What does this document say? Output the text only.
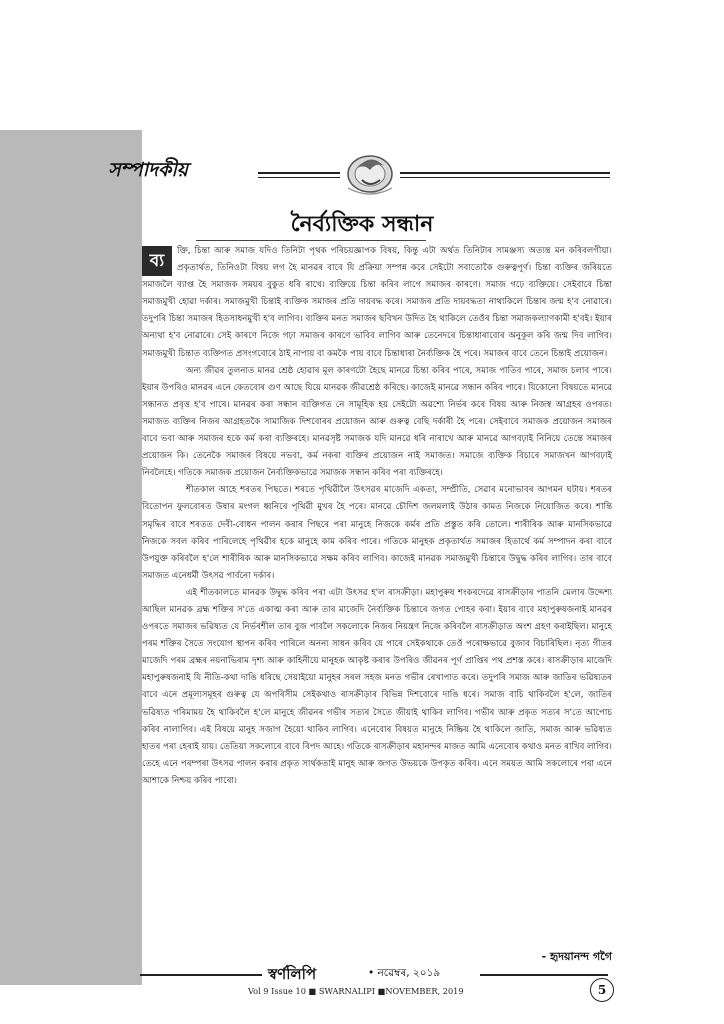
সম্পাদকীয়
নৈৰ্ব্যক্তিক সন্ধান
ব্য	ক্তি, চিন্তা আৰু সমাজ যদিও তিনিটা পৃথক পৰিচয়জ্ঞাপক বিষয়, কিন্তু এটা অৰ্থত তিনিটাৰ সামঞ্জস্য অত্যন্ত মন কৰিবলগীয়া। প্ৰকৃতাৰ্থত, তিনিওটা বিষয় লগ হৈ মানৱৰ বাবে যি প্ৰক্ৰিয়া সম্পন্ন কৰে সেইটো সবাতোকৈ গুৰুত্বপূৰ্ণ। চিন্তা ব্যক্তিৰ জৰিয়তে সমাজলৈ ব্যাপ্ত হৈ সমাজক সময়ৰ বুকুত ধৰি ৰাখে। ব্যক্তিয়ে চিন্তা কৰিব লাগে সমাজৰ কাৰণে। সমাজ গঢ়ে ব্যক্তিয়ে। সেইবাবে চিন্তা সমাজমুখী হোৱা দৰ্কাৰ। সমাজমুখী চিন্তাই ব্যক্তিক সমাজৰ প্ৰতি দায়বদ্ধ কৰে। সমাজৰ প্ৰতি দায়বদ্ধতা নাথাকিলে চিন্তাৰ জন্ম হ'ব নোৱাৰে। তদুপৰি চিন্তা সমাজৰ হিতসাধনমুখী হ'ব লাগিব। ব্যক্তিৰ মনত সমাজৰ ছবিখন উদিত হৈ থাকিলে তেওঁৰ চিন্তা সমাজকল্যাণকামী হ'বই। ইয়াৰ অন্যথা হ'ব নোৱাৰে। সেই কাৰণে নিজে গঢ়া সমাজৰ কাৰণে ভাবিব লাগিব আৰু তেনেদৰে চিন্তাধাৰাবোৰ অনুকূল কৰি জন্ম দিব লাগিব। সমাজমুখী চিন্তাত ব্যক্তিগত প্ৰসংগবোৰে ঠাই নাপায় বা কমকৈ পায় বাবে চিন্তাধাৰা নৈৰ্ব্যক্তিক হৈ পৰে। সমাজৰ বাবে তেনে চিন্তাই প্ৰয়োজন।

অন্য জীৱৰ তুলনাত মানৱ শ্ৰেষ্ঠ হোৱাৰ মূল কাৰণটো হৈছে মানৱে চিন্তা কৰিব পাৰে, সমাজ পাতিব পাৰে, সমাজ চলাব পাৰে। ইয়াৰ উপৰিও মানৱৰ এনে কেতবোৰ গুণ আছে যিয়ে মানৱক জীৱশ্ৰেষ্ঠ কৰিছে। কাজেই মানৱে সন্ধান কৰিব পাৰে। যিকোনো বিষয়তে মানৱে সন্ধানত প্ৰবৃত্ত হ'ব পাৰে। মানৱৰ কৰা সন্ধান ব্যক্তিগত নে সামূহিক হয় সেইটো অৱশ্যে নিৰ্ভৰ কৰে বিষয় আৰু নিজস্ব আগ্ৰহৰ ওপৰত। সমাজত ব্যক্তিৰ নিজৰ আগ্ৰহতকৈ সামাজিক দিশবোৰৰ প্ৰয়োজন আৰু গুৰুত্ব বেছি দৰ্কাৰী হৈ পৰে। সেইবাবে সমাজক প্ৰয়োজন সমাজৰ বাবে ভবা আৰু সমাজৰ হকে কৰ্ম কৰা ব্যক্তিৰহে। মানৱসৃষ্ট সমাজক যদি মানৱে ধৰি নাৰাখে আৰু মানৱে আগবঢ়াই নিনিয়ে তেন্তে সমাজৰ প্ৰয়োজন কি। তেনেকৈ সমাজৰ বিষয়ে নভবা, কৰ্ম নকৰা ব্যক্তিৰ প্ৰয়োজন নাই সমাজত। সমাজে ব্যক্তিক বিচাৰে সমাজখন আগবঢ়াই নিবলৈহে। গতিকে সমাজক প্ৰয়োজন নৈৰ্ব্যক্তিকভাৱে সমাজক সন্ধান কৰিব পৰা ব্যক্তিৰহে।

শীতকাল আহে শৰতৰ পিছতে। শৰতে পৃথিৱীলৈ উৎসৱৰ মাজেদি একতা, সম্প্ৰীতি, সেৱাৰ মনোভাবৰ আগমন ঘটায়। শৰতৰ বিতোপন ফুলবোৰত উষাৰ মংগল ধ্বনিৰে পৃথিৱী মুখৰ হৈ পৰে। মানৱে চৌদিশ জলমলাই উঠাৰ কামত নিজকে নিয়োজিত কৰে। শান্তি সমৃদ্ধিৰ বাবে শৰতত দেবী-বোধন পালন কৰাৰ পিছৰে পৰা মানুহে নিজকে কৰ্মৰ প্ৰতি প্ৰস্তুত কৰি তোলে। শাৰীৰিক আৰু মানসিকভাৱে নিজকে সবল কৰিব পাৰিলেহে পৃথিৱীৰ হকে মানুহে কাম কৰিব পাৰে। গতিকে মানুহক প্ৰকৃতাৰ্থত সমাজৰ হিতাৰ্থে কৰ্ম সম্পাদন কৰা বাবে উপযুক্ত কৰিবলৈ হ'লে শাৰীৰিক আৰু মানসিকভাৱে সক্ষম কৰিব লাগিব। কাজেই মানৱক সমাজমুখী চিন্তাৰে উদ্বুদ্ধ কৰিব লাগিব। তাৰ বাবে সমাজত এনেধৰ্মী উৎসৱ পাৰ্বনো দৰ্কাৰ।

এই শীতকালতে মানৱক উদ্বুদ্ধ কৰিব পৰা এটা উৎসৱ হ'ল ৰাসক্ৰীড়া। মহাপুৰুষ শংকৰদেৱে ৰাসক্ৰীড়াৰ পাতনি মেলাৰ উদ্দেশ্য আছিল মানৱক ব্ৰহ্ম শক্তিৰ স'তে একাত্ম কৰা আৰু তাৰ মাজেদি নৈৰ্ব্যক্তিক চিন্তাৰে জগত পোহৰ কৰা। ইয়াৰ বাবে মহাপুৰুষজনাই মানৱৰ ওপৰতে সমাজৰ ভৱিষ্যত যে নিৰ্ভৰশীল তাৰ বুজ পাবলৈ সকলোকে নিজৰ নিয়ন্ত্ৰণ নিজে কৰিবলৈ ৰাসক্ৰীড়াত অংশ গ্ৰহণ কৰাইছিল। মানুহে পৰম শক্তিৰ সৈতে সংযোগ স্থাপন কৰিব পাৰিলে অনন্য সাধন কৰিব যে পাৰে সেইকথাকে তেওঁ পৰোক্ষভাৱে বুজাব বিচাৰিছিল। নৃত্য গীতৰ মাজেদি পৰম ব্ৰহ্মৰ নয়নাভিৰাম দৃশ্য আৰু কাহিনীয়ে মানুহক আকৃষ্ট কৰাৰ উপৰিও জীৱনৰ পূৰ্ণ প্ৰাপ্তিৰ পথ প্ৰশস্ত কৰে। ৰাসক্ৰীড়াৰ মাজেদি মহাপুৰুষজনাই যি নীতি-কথা দাঙি ধৰিছে সেয়াইয়ো মানুহৰ সৰল সহজ মনত গভীৰ ৰেখাপাত কৰে। তদুপৰি সমাজ আৰু জাতিৰ ভৱিষ্যতৰ বাবে এনে প্ৰমূল্যসমূহৰ গুৰুত্ব যে অপৰিসীম সেইকথাও ৰাসক্ৰীড়াৰ বিভিন্ন দিশবোৰে দাঙি ধৰে। সমাজ বাচি থাকিবলৈ হ'লে, জাতিৰ ভৱিষ্যত গৰিমাময় হৈ থাকিবলৈ হ'লে মানুহে জীৱনৰ গভীৰ সত্যৰ সৈতে জীয়াই থাকিব লাগিব। গভীৰ আৰু প্ৰকৃত সত্যৰ স'তে আপোচ কৰিব নালাগিব। এই বিষয়ে মানুহ সজাগ হৈয়ো থাকিব লাগিব। এনেবোৰ বিষয়ত মানুহে নিষ্ক্ৰিয় হৈ থাকিলে জাতি, সমাজ আৰু ভৱিষ্যত হাতৰ পৰা হেৰাই যায়। তেতিয়া সকলোৰে বাবে বিপদ আহে। গতিকে ৰাসক্ৰীড়াৰ মহানন্দৰ মাজত আমি এনেবোৰ কথাও মনত ৰাখিব লাগিব। তেহে এনে পৰম্পৰা উৎসৱ পালন কৰাৰ প্ৰকৃত সাৰ্থকতাই মানুহ আৰু জগত উভয়কে উপকৃত কৰিব। এনে সময়ত আমি সকলোৰে পৰা এনে আশাকে নিশ্চয় কৰিব পাৰো।

- হৃদয়ানন্দ গগৈ
স্বৰ্ণলিপি	• নৱেম্বৰ, ২০১৯
Vol 9 Issue 10 ■ SWARNALIPI ■NOVEMBER, 2019	5
